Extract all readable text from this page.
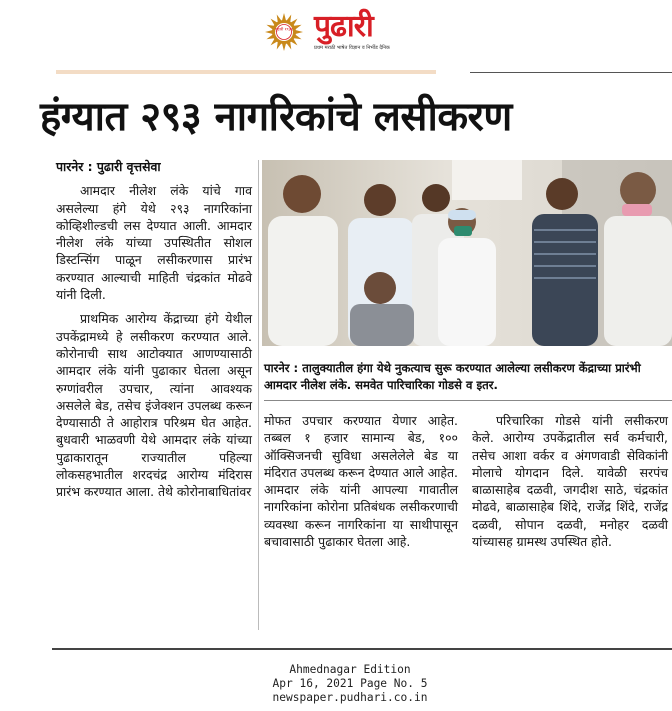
पुढारी १९३९ पुढारी
प्रथम मराठी भाषेत विज्ञान व निर्भीड दैनिक
हंग्यात २९३ नागरिकांचे लसीकरण

पारनेर : पुढारी वृत्तसेवा

आमदार नीलेश लंके यांचे गाव असलेल्या हंगे येथे २९३ नागरिकांना कोव्हिशील्डची लस देण्यात आली. आमदार नीलेश लंके यांच्या उपस्थितीत सोशल डिस्टन्सिंग पाळून लसीकरणास प्रारंभ करण्यात आल्याची माहिती चंद्रकांत मोढवे यांनी दिली.

प्राथमिक आरोग्य केंद्राच्या हंगे येथील उपकेंद्रामध्ये हे लसीकरण करण्यात आले. कोरोनाची साथ आटोक्यात आणण्यासाठी आमदार लंके यांनी पुढाकार घेतला असून रुग्णांवरील उपचार, त्यांना आवश्यक असलेले बेड, तसेच इंजेक्शन उपलब्ध करून देण्यासाठी ते आहोरात्र परिश्रम घेत आहेत. बुधवारी भाळवणी येथे आमदार लंके यांच्या पुढाकारातून राज्यातील पहिल्या लोकसहभातील शरदचंद्र आरोग्य मंदिरास प्रारंभ करण्यात आला. तेथे कोरोनाबाधितांवर

पारनेर : तालुक्यातील हंगा येथे नुकत्याच सुरू करण्यात आलेल्या लसीकरण केंद्राच्या प्रारंभी आमदार नीलेश लंके. समवेत पारिचारिका गोडसे व इतर.

मोफत उपचार करण्यात येणार आहेत. तब्बल १ हजार सामान्य बेड, १०० ऑक्सिजनची सुविधा असलेलेले बेड या मंदिरात उपलब्ध करून देण्यात आले आहेत. आमदार लंके यांनी आपल्या गावातील नागरिकांना कोरोना प्रतिबंधक लसीकरणाची व्यवस्था करून नागरिकांना या साथीपासून बचावासाठी पुढाकार घेतला आहे.

परिचारिका गोडसे यांनी लसीकरण केले. आरोग्य उपकेंद्रातील सर्व कर्मचारी, तसेच आशा वर्कर व अंगणवाडी सेविकांनी मोलाचे योगदान दिले. यावेळी सरपंच बाळासाहेब दळवी, जगदीश साठे, चंद्रकांत मोढवे, बाळासाहेब शिंदे, राजेंद्र शिंदे, राजेंद्र दळवी, सोपान दळवी, मनोहर दळवी यांच्यासह ग्रामस्थ उपस्थित होते.

Ahmednagar Edition
Apr 16, 2021 Page No. 5
newspaper.pudhari.co.in
